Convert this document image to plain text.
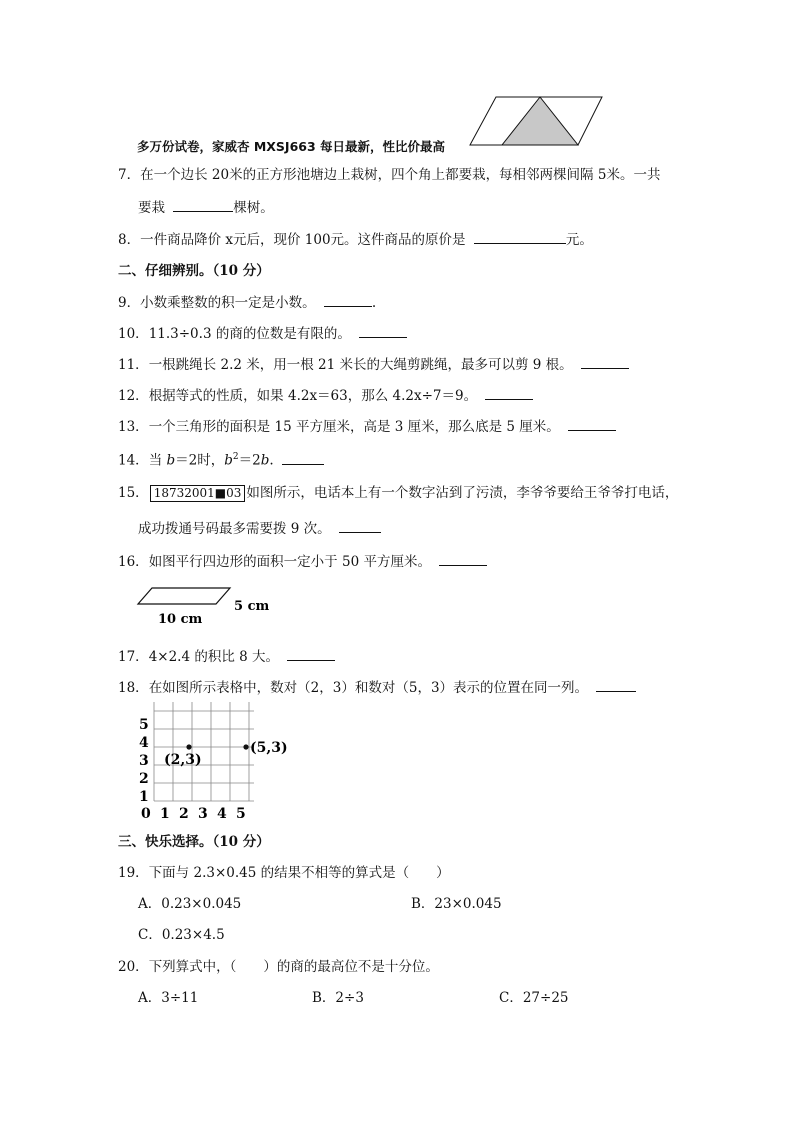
多万份试卷，家威杏 MXSJ663 每日最新，性比价最高
7．在一个边长 20米的正方形池塘边上栽树，四个角上都要栽，每相邻两棵间隔 5米。一共
要栽	棵树。
8．一件商品降价 x元后，现价 100元。这件商品的原价是	元。
二、仔细辨别。（10 分）
9．小数乘整数的积一定是小数。	.
10．11.3÷0.3 的商的位数是有限的。
11．一根跳绳长 2.2 米，用一根 21 米长的大绳剪跳绳，最多可以剪 9 根。
12．根据等式的性质，如果 4.2x＝63，那么 4.2x÷7＝9。
13．一个三角形的面积是 15 平方厘米，高是 3 厘米，那么底是 5 厘米。
14．当 b＝2时，$b^2=2b$.
15． 18732001■03 如图所示，电话本上有一个数字沾到了污渍，李爷爷要给王爷爷打电话，
成功拨通号码最多需要拨 9 次。
16．如图平行四边形的面积一定小于 50 平方厘米。
5 cm
10 cm
17．4×2.4 的积比 8 大。
18．在如图所示表格中，数对（2，3）和数对（5，3）表示的位置在同一列。
0 1 2 3 4 5
1
2
3
4
5
(2,3)
(5,3)
三、快乐选择。（10 分）
19．下面与 2.3×0.45 的结果不相等的算式是（　　）
A．0.23×0.045	B．23×0.045
C．0.23×4.5
20．下列算式中，（　　）的商的最高位不是十分位。
A．3÷11	B．2÷3	C．27÷25
